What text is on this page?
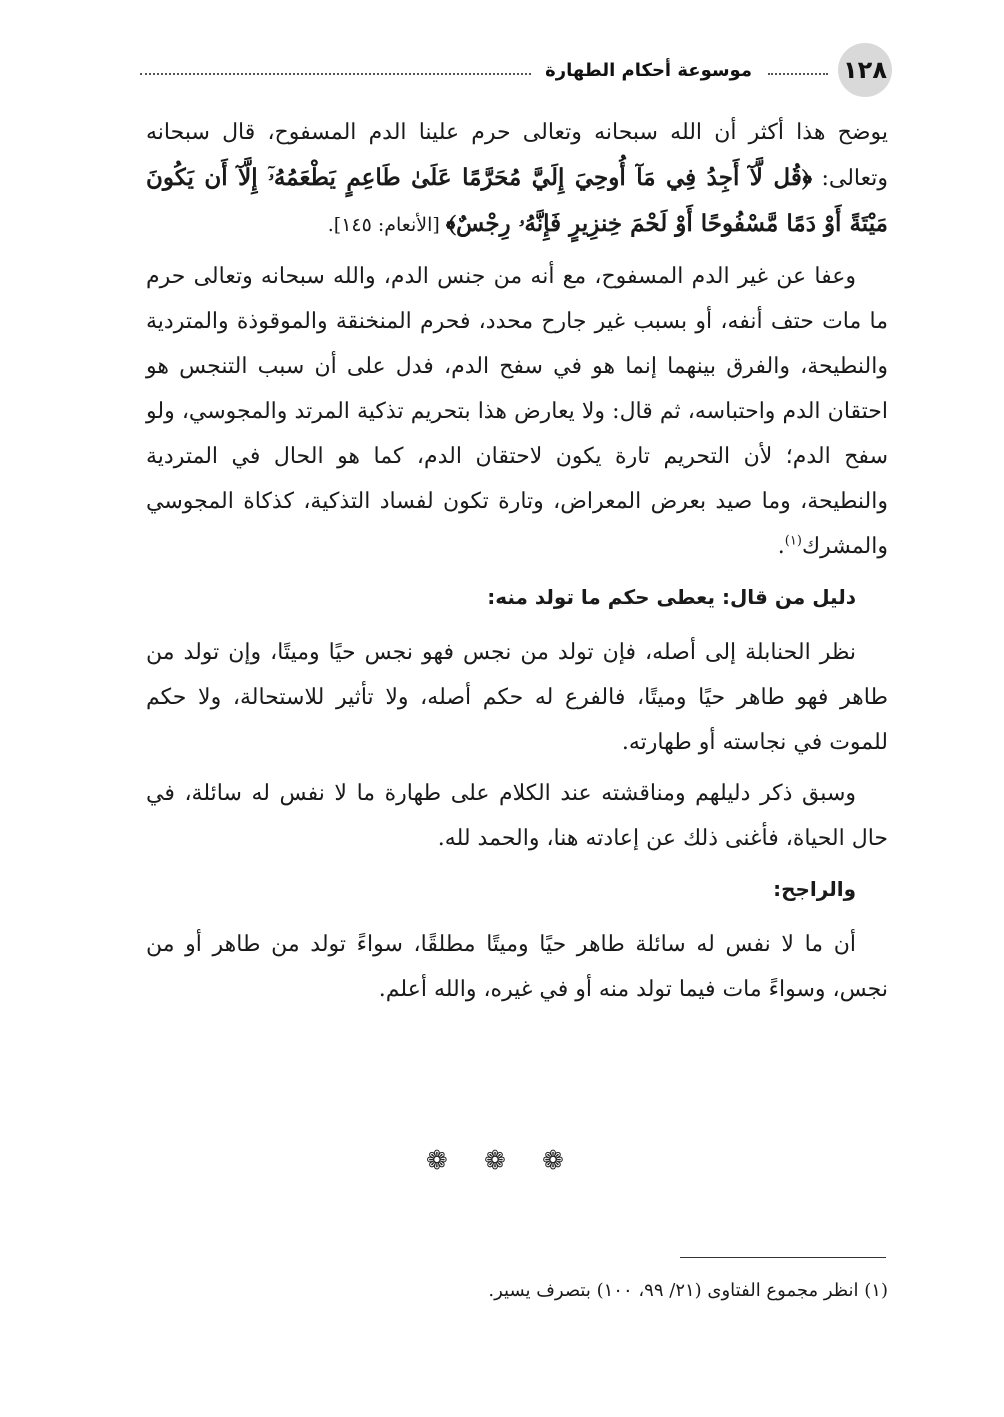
١٢٨
موسوعة أحكام الطهارة

يوضح هذا أكثر أن الله سبحانه وتعالى حرم علينا الدم المسفوح، قال سبحانه وتعالى: ﴿قُل لَّآ أَجِدُ فِي مَآ أُوحِيَ إِلَيَّ مُحَرَّمًا عَلَىٰ طَاعِمٍ يَطْعَمُهُۥٓ إِلَّآ أَن يَكُونَ مَيْتَةً أَوْ دَمًا مَّسْفُوحًا أَوْ لَحْمَ خِنزِيرٍ فَإِنَّهُۥ رِجْسٌ﴾ [الأنعام: ١٤٥].

وعفا عن غير الدم المسفوح، مع أنه من جنس الدم، والله سبحانه وتعالى حرم ما مات حتف أنفه، أو بسبب غير جارح محدد، فحرم المنخنقة والموقوذة والمتردية والنطيحة، والفرق بينهما إنما هو في سفح الدم، فدل على أن سبب التنجس هو احتقان الدم واحتباسه، ثم قال: ولا يعارض هذا بتحريم تذكية المرتد والمجوسي، ولو سفح الدم؛ لأن التحريم تارة يكون لاحتقان الدم، كما هو الحال في المتردية والنطيحة، وما صيد بعرض المعراض، وتارة تكون لفساد التذكية، كذكاة المجوسي والمشرك$^{(١)}$.

دليل من قال: يعطى حكم ما تولد منه:

نظر الحنابلة إلى أصله، فإن تولد من نجس فهو نجس حيًا وميتًا، وإن تولد من طاهر فهو طاهر حيًا وميتًا، فالفرع له حكم أصله، ولا تأثير للاستحالة، ولا حكم للموت في نجاسته أو طهارته.

وسبق ذكر دليلهم ومناقشته عند الكلام على طهارة ما لا نفس له سائلة، في حال الحياة، فأغنى ذلك عن إعادته هنا، والحمد لله.

والراجح:

أن ما لا نفس له سائلة طاهر حيًا وميتًا مطلقًا، سواءً تولد من طاهر أو من نجس، وسواءً مات فيما تولد منه أو في غيره، والله أعلم.

❁ ❁ ❁
(١) انظر مجموع الفتاوى (٢١/ ٩٩، ١٠٠) بتصرف يسير.
